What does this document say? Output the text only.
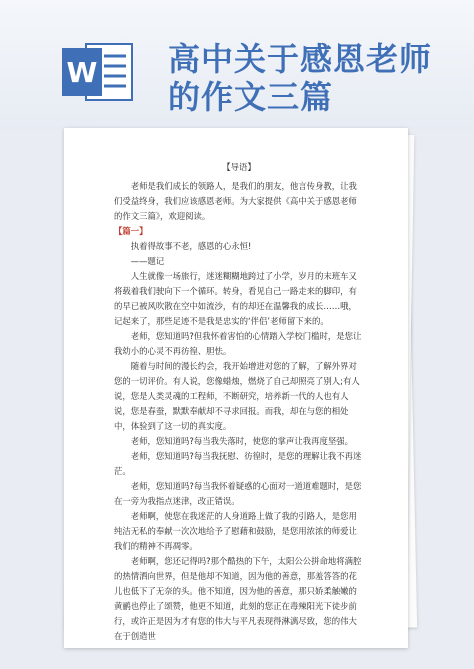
W 高中关于感恩老师
的作文三篇

【导语】

老师是我们成长的领路人，是我们的朋友，他言传身教，让我们受益终身，我们应该感恩老师。为大家提供《高中关于感恩老师的作文三篇》，欢迎阅读。

【篇一】

执着得故事不老，感恩的心永恒!

——题记

人生就像一场旅行，迷迷糊糊地跨过了小学，岁月的末班车又将载着我们驶向下一个循环。转身，看见自己一路走来的脚印，有的早已被风吹散在空中如流沙，有的却还在温馨我的成长……哦，记起来了，那些足迹不是我是忠实的‘伴侣’老师留下来的。

老师，您知道吗?但我怀着害怕的心情踏入学校门槛时，是您让我幼小的心灵不再彷徨、胆怯。

随着与时间的漫长约会，我开始增进对您的了解，了解外界对您的一切评价。有人说，您像蜡烛，燃烧了自己却照亮了别人;有人说，您是人类灵魂的工程师，不断研究，培养新一代的人也有人说，您是春蚕，默默奉献却不寻求回报。而我，却在与您的相处中，体验到了这一切的真实度。

老师，您知道吗?每当我失落时，使您的掌声让我再度坚强。

老师，您知道吗?每当我抚慰、彷徨时，是您的理解让我不再迷茫。

老师，您知道吗?每当我怀着疑惑的心面对一道道难题时，是您在一旁为我指点迷津，改正错误。

老师啊，使您在我迷茫的人身道路上做了我的引路人，是您用纯洁无私的奉献一次次地给予了慰藉和鼓励，是您用浓浓的师爱让我们的精神不再凋零。

老师啊，您还记得吗?那个酷热的下午，太阳公公拼命地将满腔的热情洒向世界，但是他却不知道，因为他的善意，那羞答答的花儿也低下了无奈的头。他不知道，因为他的善意，那只娇柔触嫩的黄鹂也停止了颂赞，他更不知道，此刻的您正在毒辣阳光下徒步前行，或许正是因为才有您的伟大与平凡表现得淋漓尽致，您的伟大在于创造世
